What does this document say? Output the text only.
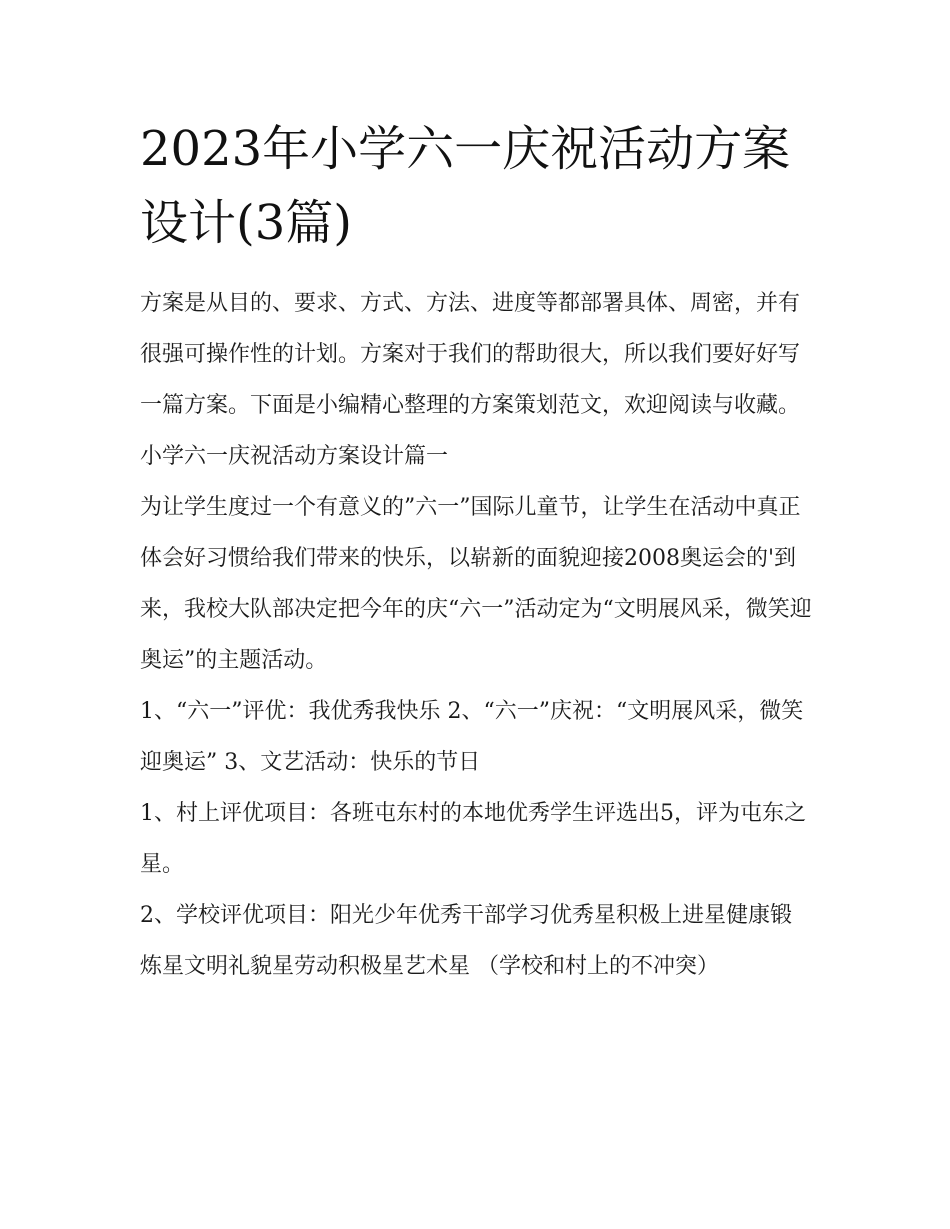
2023年小学六一庆祝活动方案设计(3篇)

方案是从目的、要求、方式、方法、进度等都部署具体、周密，并有很强可操作性的计划。方案对于我们的帮助很大，所以我们要好好写一篇方案。下面是小编精心整理的方案策划范文，欢迎阅读与收藏。

小学六一庆祝活动方案设计篇一

为让学生度过一个有意义的”六一”国际儿童节，让学生在活动中真正体会好习惯给我们带来的快乐，以崭新的面貌迎接2008奥运会的'到来，我校大队部决定把今年的庆“六一”活动定为“文明展风采，微笑迎奥运”的主题活动。

1、“六一”评优：我优秀我快乐 2、“六一”庆祝：“文明展风采，微笑迎奥运” 3、文艺活动：快乐的节日

1、村上评优项目：各班屯东村的本地优秀学生评选出5，评为屯东之星。

2、学校评优项目：阳光少年优秀干部学习优秀星积极上进星健康锻炼星文明礼貌星劳动积极星艺术星 （学校和村上的不冲突）
